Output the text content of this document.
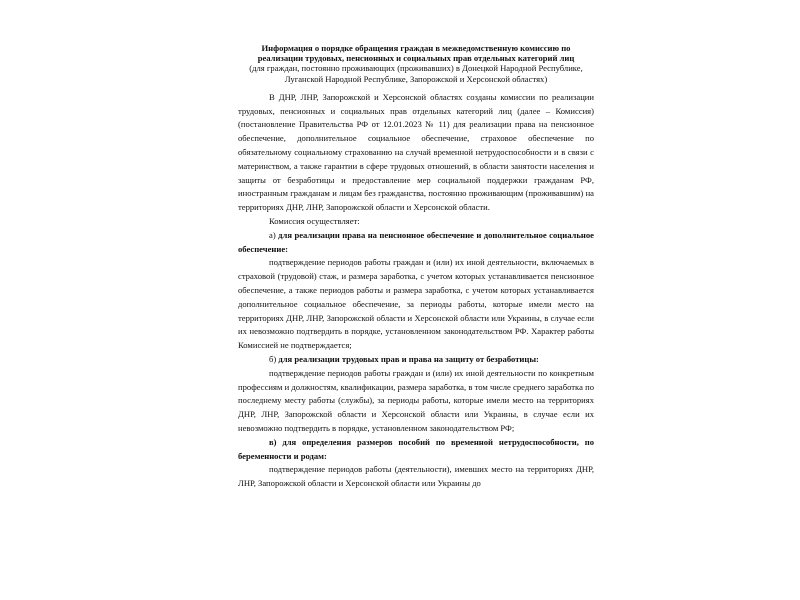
Информация о порядке обращения граждан в межведомственную комиссию по реализации трудовых, пенсионных и социальных прав отдельных категорий лиц

(для граждан, постоянно проживающих (проживавших) в Донецкой Народной Республике, Луганской Народной Республике, Запорожской и Херсонской областях)

В ДНР, ЛНР, Запорожской и Херсонской областях созданы комиссии по реализации трудовых, пенсионных и социальных прав отдельных категорий лиц (далее – Комиссия) (постановление Правительства РФ от 12.01.2023 № 11) для реализации права на пенсионное обеспечение, дополнительное социальное обеспечение, страховое обеспечение по обязательному социальному страхованию на случай временной нетрудоспособности и в связи с материнством, а также гарантии в сфере трудовых отношений, в области занятости населения и защиты от безработицы и предоставление мер социальной поддержки гражданам РФ, иностранным гражданам и лицам без гражданства, постоянно проживающим (проживавшим) на территориях ДНР, ЛНР, Запорожской области и Херсонской области.

Комиссия осуществляет:

а) для реализации права на пенсионное обеспечение и дополнительное социальное обеспечение:

подтверждение периодов работы граждан и (или) их иной деятельности, включаемых в страховой (трудовой) стаж, и размера заработка, с учетом которых устанавливается пенсионное обеспечение, а также периодов работы и размера заработка, с учетом которых устанавливается дополнительное социальное обеспечение, за периоды работы, которые имели место на территориях ДНР, ЛНР, Запорожской области и Херсонской области или Украины, в случае если их невозможно подтвердить в порядке, установленном законодательством РФ. Характер работы Комиссией не подтверждается;

б) для реализации трудовых прав и права на защиту от безработицы:

подтверждение периодов работы граждан и (или) их иной деятельности по конкретным профессиям и должностям, квалификации, размера заработка, в том числе среднего заработка по последнему месту работы (службы), за периоды работы, которые имели место на территориях ДНР, ЛНР, Запорожской области и Херсонской области или Украины, в случае если их невозможно подтвердить в порядке, установленном законодательством РФ;

в) для определения размеров пособий по временной нетрудоспособности, по беременности и родам:

подтверждение периодов работы (деятельности), имевших место на территориях ДНР, ЛНР, Запорожской области и Херсонской области или Украины до
